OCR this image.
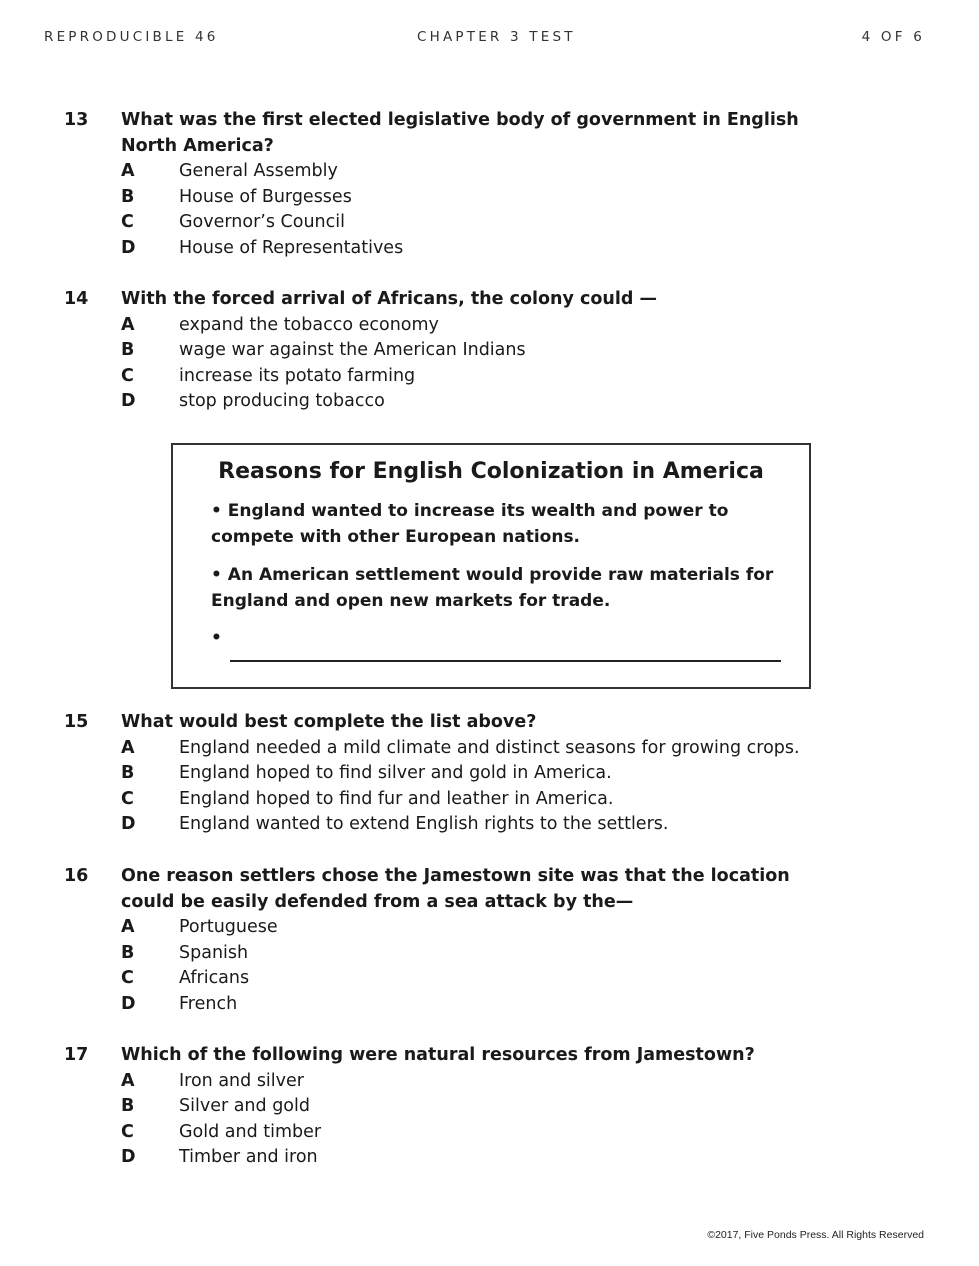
REPRODUCIBLE 46	CHAPTER 3 TEST	4 OF 6
13 What was the first elected legislative body of government in English North America?
A	General Assembly
B	House of Burgesses
C	Governor’s Council
D House of Representatives
14 With the forced arrival of Africans, the colony could —
A	expand the tobacco economy
B	wage war against the American Indians
C	increase its potato farming
D stop producing tobacco
Reasons for English Colonization in America
• England wanted to increase its wealth and power to compete with other European nations.
• An American settlement would provide raw materials for England and open new markets for trade.
•
15 What would best complete the list above?
A	England needed a mild climate and distinct seasons for growing crops.
B	England hoped to find silver and gold in America.
C	England hoped to find fur and leather in America.
D England wanted to extend English rights to the settlers.
16 One reason settlers chose the Jamestown site was that the location could be easily defended from a sea attack by the—
A	Portuguese
B	Spanish
C	Africans
D French
17 Which of the following were natural resources from Jamestown?
A	Iron and silver
B	Silver and gold
C	Gold and timber
D Timber and iron
©2017, Five Ponds Press. All Rights Reserved
